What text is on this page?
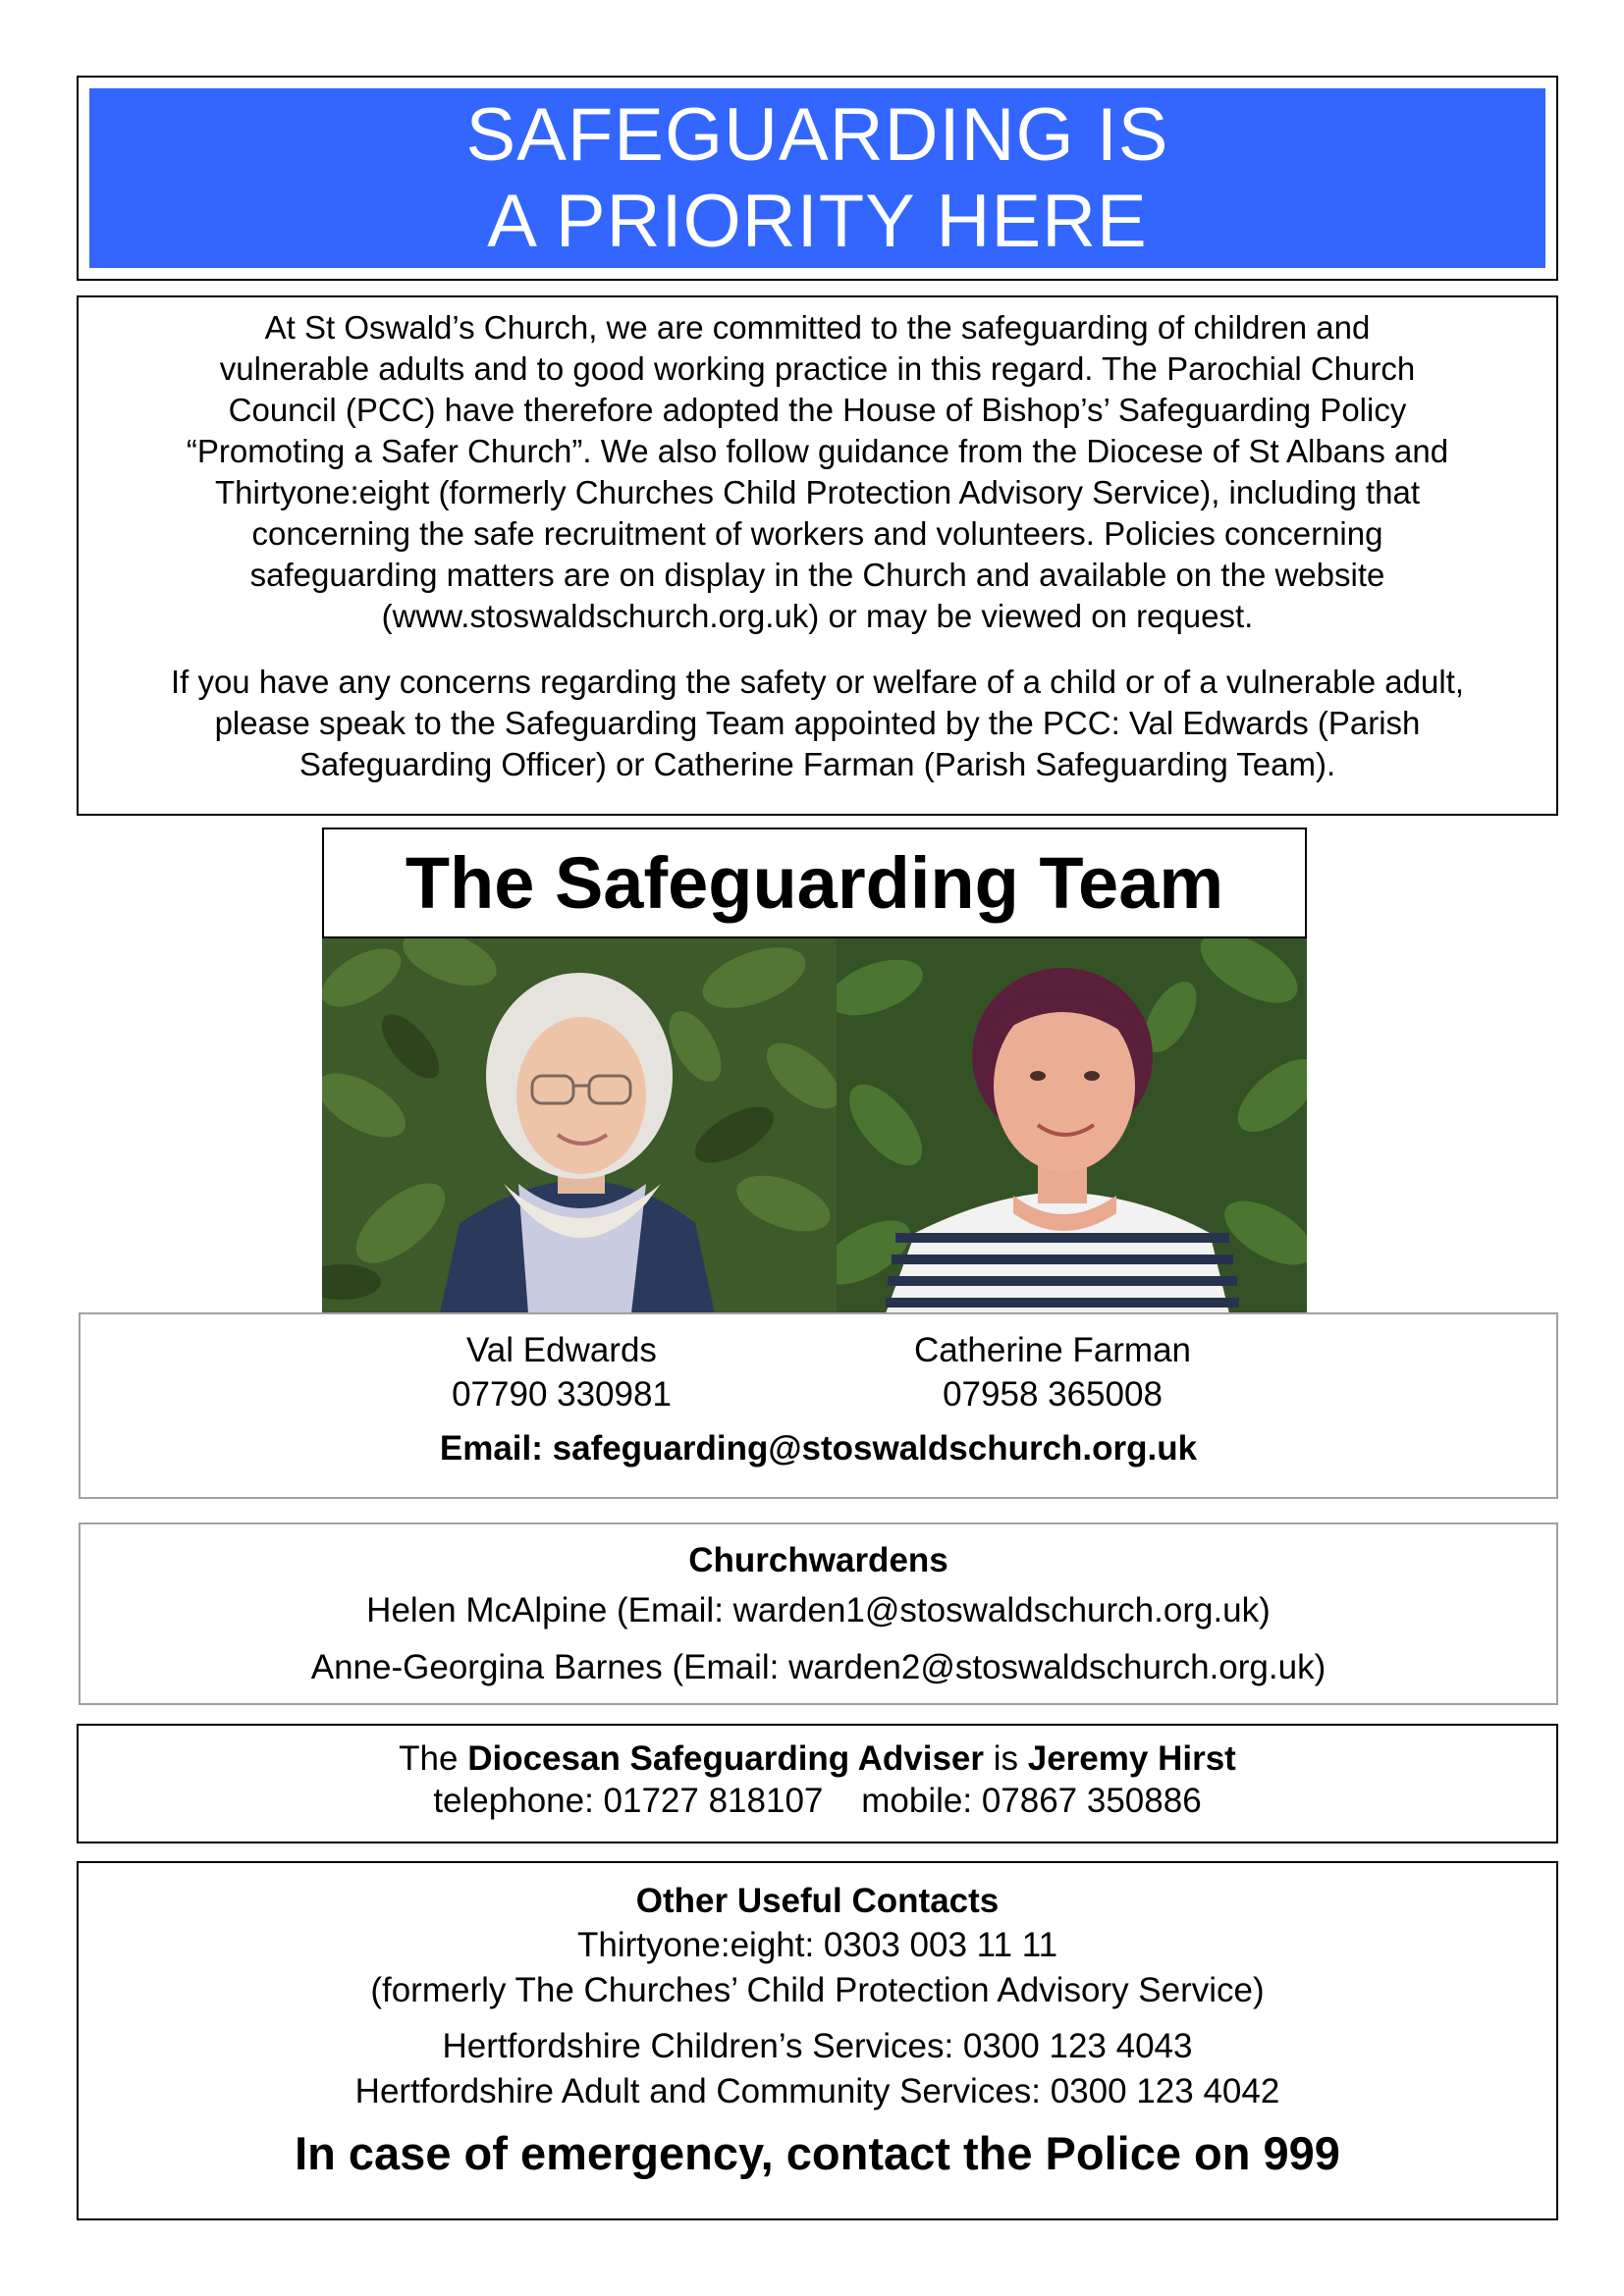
SAFEGUARDING IS
A PRIORITY HERE

At St Oswald’s Church, we are committed to the safeguarding of children and
vulnerable adults and to good working practice in this regard. The Parochial Church
Council (PCC) have therefore adopted the House of Bishop’s’ Safeguarding Policy
“Promoting a Safer Church”. We also follow guidance from the Diocese of St Albans and
Thirtyone:eight (formerly Churches Child Protection Advisory Service), including that
concerning the safe recruitment of workers and volunteers. Policies concerning
safeguarding matters are on display in the Church and available on the website
(www.stoswaldschurch.org.uk) or may be viewed on request.

If you have any concerns regarding the safety or welfare of a child or of a vulnerable adult,
please speak to the Safeguarding Team appointed by the PCC: Val Edwards (Parish
Safeguarding Officer) or Catherine Farman (Parish Safeguarding Team).

The Safeguarding Team
Val Edwards
07790 330981
Catherine Farman
07958 365008
Email: safeguarding@stoswaldschurch.org.uk
Churchwardens
Helen McAlpine (Email: warden1@stoswaldschurch.org.uk)
Anne-Georgina Barnes (Email: warden2@stoswaldschurch.org.uk)
The Diocesan Safeguarding Adviser is Jeremy Hirst
telephone: 01727 818107    mobile: 07867 350886
Other Useful Contacts
Thirtyone:eight: 0303 003 11 11
(formerly The Churches’ Child Protection Advisory Service)
Hertfordshire Children’s Services: 0300 123 4043
Hertfordshire Adult and Community Services: 0300 123 4042
In case of emergency, contact the Police on 999
